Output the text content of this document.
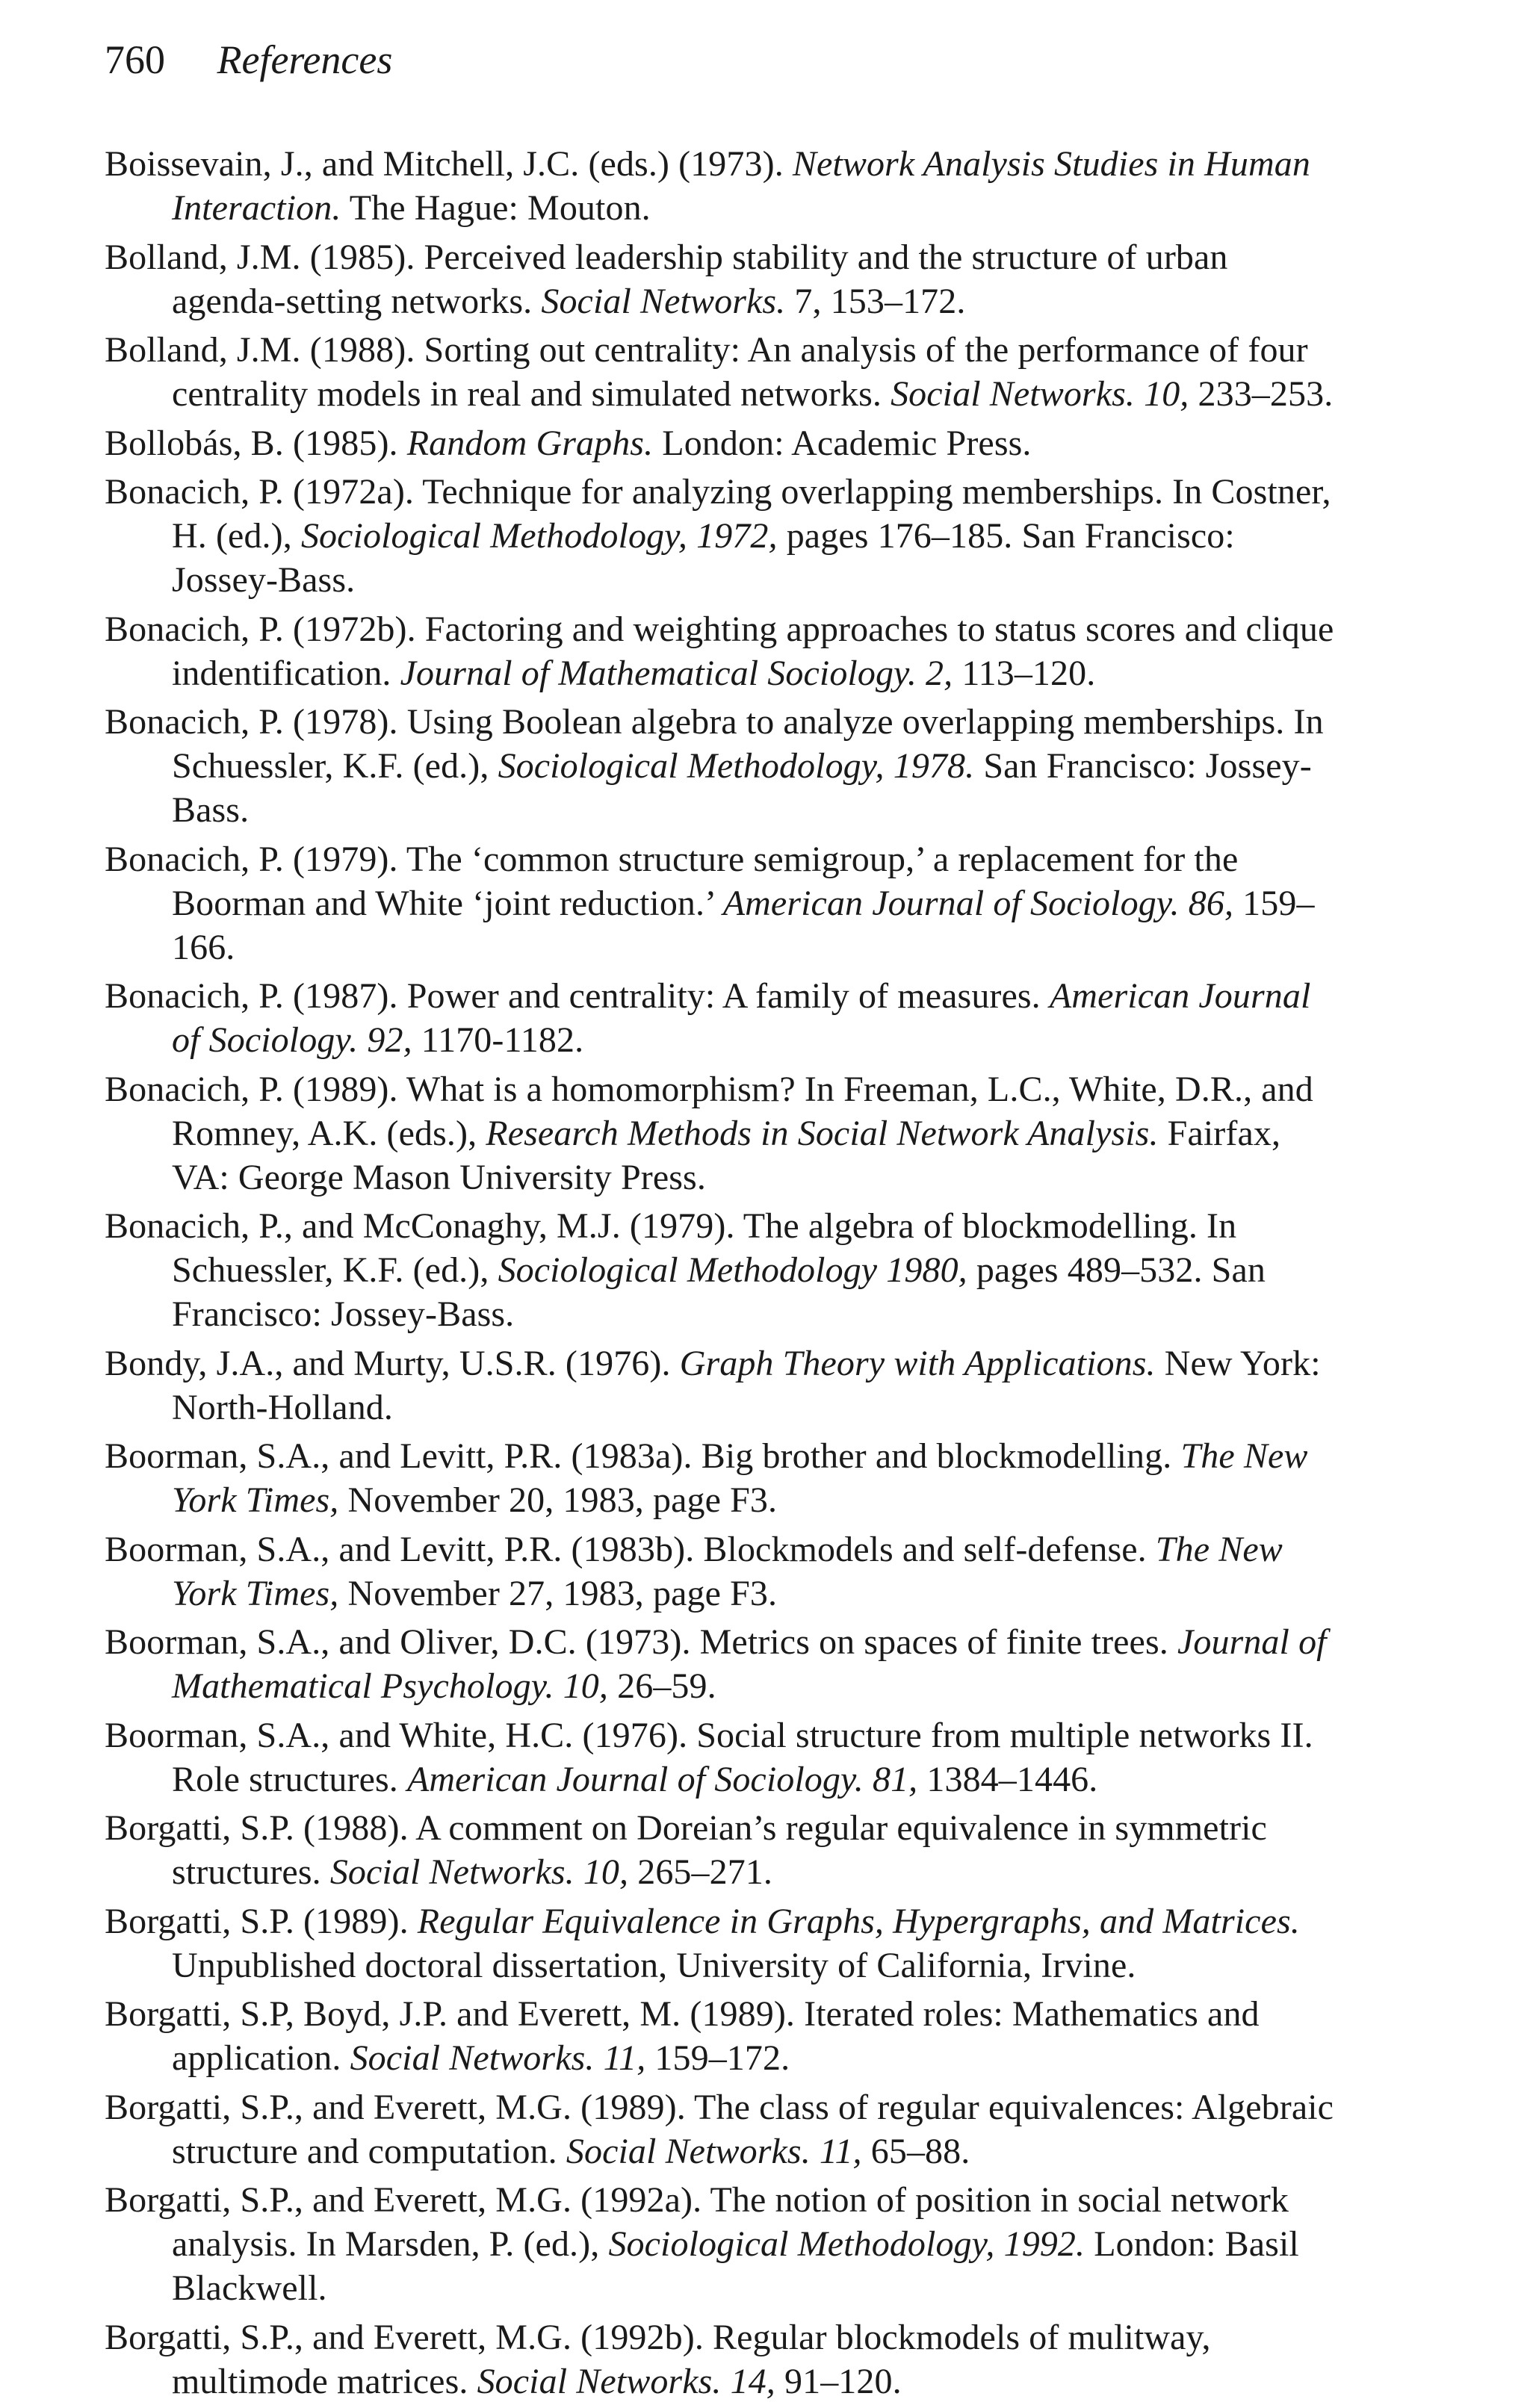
760 References
Boissevain, J., and Mitchell, J.C. (eds.) (1973). Network Analysis Studies in Human Interaction. The Hague: Mouton.
Bolland, J.M. (1985). Perceived leadership stability and the structure of urban agenda-setting networks. Social Networks. 7, 153–172.
Bolland, J.M. (1988). Sorting out centrality: An analysis of the performance of four centrality models in real and simulated networks. Social Networks. 10, 233–253.
Bollobás, B. (1985). Random Graphs. London: Academic Press.
Bonacich, P. (1972a). Technique for analyzing overlapping memberships. In Costner, H. (ed.), Sociological Methodology, 1972, pages 176–185. San Francisco: Jossey-Bass.
Bonacich, P. (1972b). Factoring and weighting approaches to status scores and clique indentification. Journal of Mathematical Sociology. 2, 113–120.
Bonacich, P. (1978). Using Boolean algebra to analyze overlapping memberships. In Schuessler, K.F. (ed.), Sociological Methodology, 1978. San Francisco: Jossey-Bass.
Bonacich, P. (1979). The ‘common structure semigroup,’ a replacement for the Boorman and White ‘joint reduction.’ American Journal of Sociology. 86, 159–166.
Bonacich, P. (1987). Power and centrality: A family of measures. American Journal of Sociology. 92, 1170-1182.
Bonacich, P. (1989). What is a homomorphism? In Freeman, L.C., White, D.R., and Romney, A.K. (eds.), Research Methods in Social Network Analysis. Fairfax, VA: George Mason University Press.
Bonacich, P., and McConaghy, M.J. (1979). The algebra of blockmodelling. In Schuessler, K.F. (ed.), Sociological Methodology 1980, pages 489–532. San Francisco: Jossey-Bass.
Bondy, J.A., and Murty, U.S.R. (1976). Graph Theory with Applications. New York: North-Holland.
Boorman, S.A., and Levitt, P.R. (1983a). Big brother and blockmodelling. The New York Times, November 20, 1983, page F3.
Boorman, S.A., and Levitt, P.R. (1983b). Blockmodels and self-defense. The New York Times, November 27, 1983, page F3.
Boorman, S.A., and Oliver, D.C. (1973). Metrics on spaces of finite trees. Journal of Mathematical Psychology. 10, 26–59.
Boorman, S.A., and White, H.C. (1976). Social structure from multiple networks II. Role structures. American Journal of Sociology. 81, 1384–1446.
Borgatti, S.P. (1988). A comment on Doreian’s regular equivalence in symmetric structures. Social Networks. 10, 265–271.
Borgatti, S.P. (1989). Regular Equivalence in Graphs, Hypergraphs, and Matrices. Unpublished doctoral dissertation, University of California, Irvine.
Borgatti, S.P, Boyd, J.P. and Everett, M. (1989). Iterated roles: Mathematics and application. Social Networks. 11, 159–172.
Borgatti, S.P., and Everett, M.G. (1989). The class of regular equivalences: Algebraic structure and computation. Social Networks. 11, 65–88.
Borgatti, S.P., and Everett, M.G. (1992a). The notion of position in social network analysis. In Marsden, P. (ed.), Sociological Methodology, 1992. London: Basil Blackwell.
Borgatti, S.P., and Everett, M.G. (1992b). Regular blockmodels of mulitway, multimode matrices. Social Networks. 14, 91–120.
